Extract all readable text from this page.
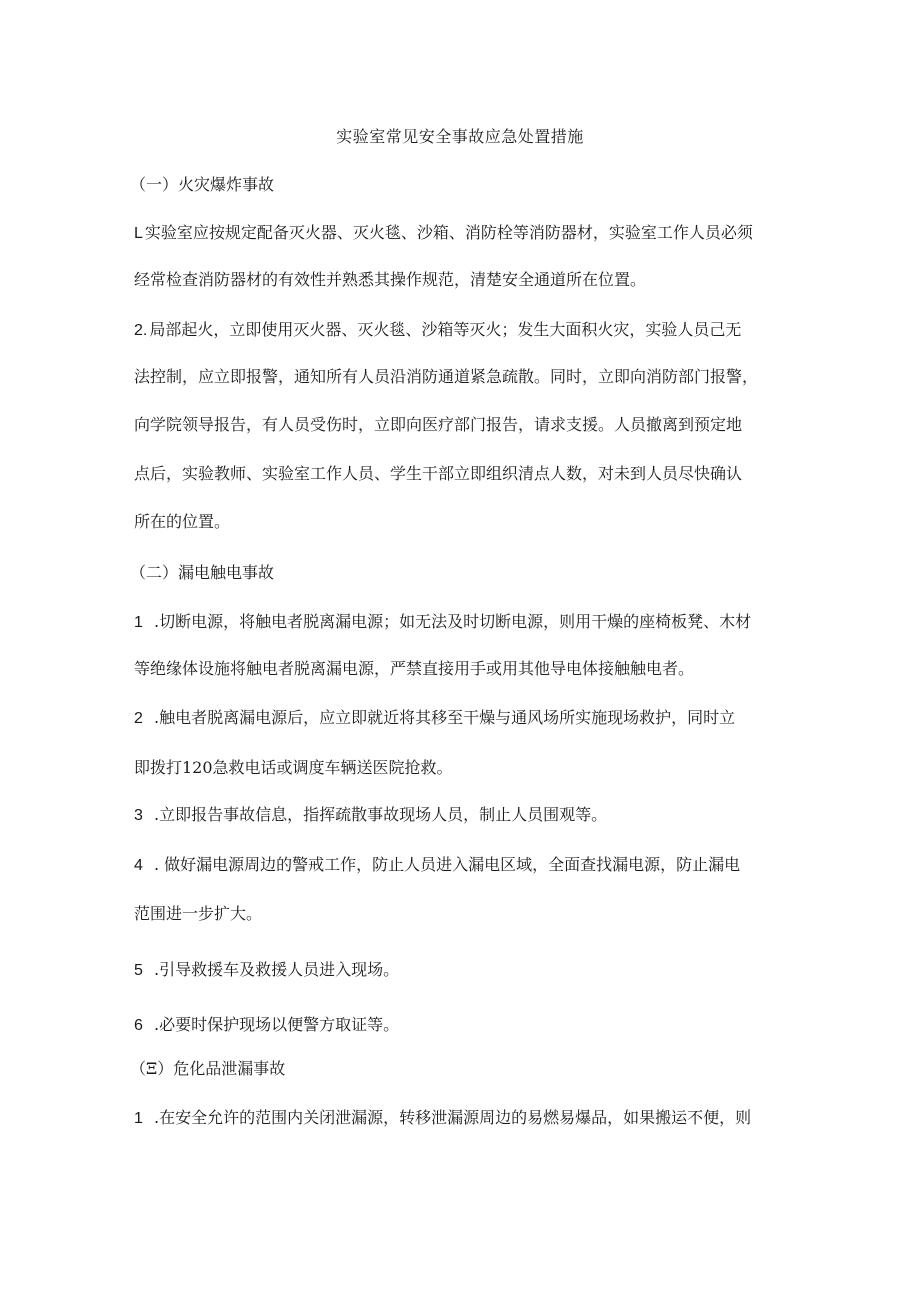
实验室常见安全事故应急处置措施
（一）火灾爆炸事故
L 实验室应按规定配备灭火器、灭火毯、沙箱、消防栓等消防器材，实验室工作人员必须
经常检查消防器材的有效性并熟悉其操作规范，清楚安全通道所在位置。
2. 局部起火，立即使用灭火器、灭火毯、沙箱等灭火；发生大面积火灾，实验人员己无
法控制，应立即报警，通知所有人员沿消防通道紧急疏散。同时，立即向消防部门报警，
向学院领导报告，有人员受伤时，立即向医疗部门报告，请求支援。人员撤离到预定地
点后，实验教师、实验室工作人员、学生干部立即组织清点人数，对未到人员尽快确认
所在的位置。
（二）漏电触电事故
1 .切断电源，将触电者脱离漏电源；如无法及时切断电源，则用干燥的座椅板凳、木材
等绝缘体设施将触电者脱离漏电源，严禁直接用手或用其他导电体接触触电者。
2 .触电者脱离漏电源后，应立即就近将其移至干燥与通风场所实施现场救护，同时立
即拨打120急救电话或调度车辆送医院抢救。
3 .立即报告事故信息，指挥疏散事故现场人员，制止人员围观等。
4 . 做好漏电源周边的警戒工作，防止人员进入漏电区域，全面查找漏电源，防止漏电
范围进一步扩大。
5 .引导救援车及救援人员进入现场。
6 .必要时保护现场以便警方取证等。
（Ξ）危化品泄漏事故
1 .在安全允许的范围内关闭泄漏源，转移泄漏源周边的易燃易爆品，如果搬运不便，则
